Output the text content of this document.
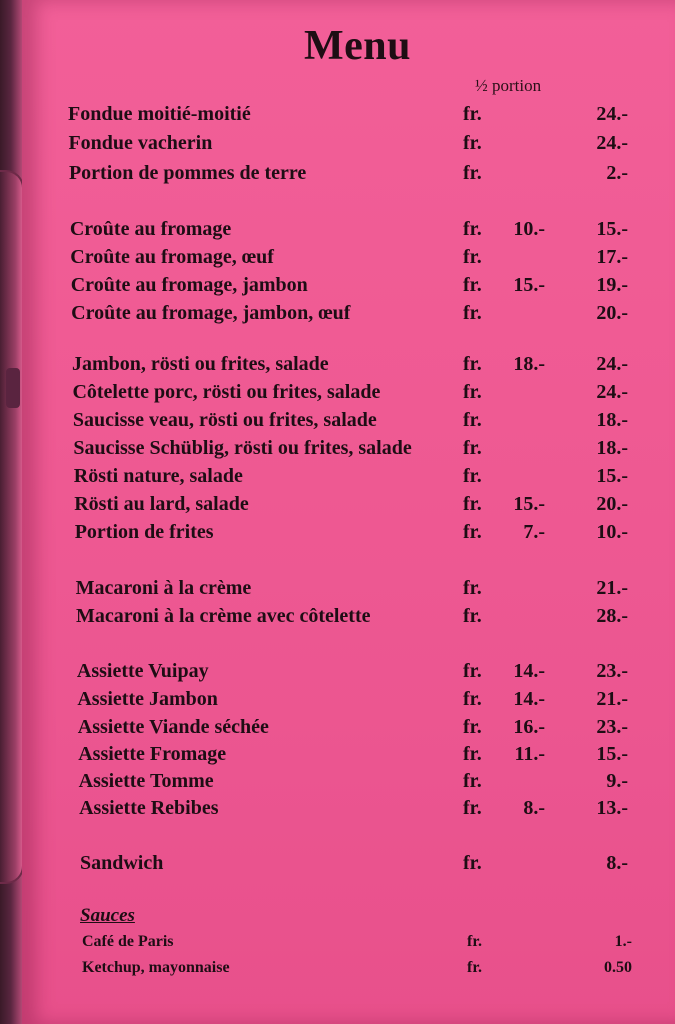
Menu
½ portion
Fondue moitié-moitié	fr.	24.-
Fondue vacherin	fr.	24.-
Portion de pommes de terre	fr.	2.-
Croûte au fromage	fr. 10.-	15.-
Croûte au fromage, œuf	fr.	17.-
Croûte au fromage, jambon	fr. 15.-	19.-
Croûte au fromage, jambon, œuf	fr.	20.-
Jambon, rösti ou frites, salade	fr. 18.-	24.-
Côtelette porc, rösti ou frites, salade	fr.	24.-
Saucisse veau, rösti ou frites, salade	fr.	18.-
Saucisse Schüblig, rösti ou frites, salade	fr.	18.-
Rösti nature, salade	fr.	15.-
Rösti au lard, salade	fr. 15.-	20.-
Portion de frites	fr. 7.-	10.-
Macaroni à la crème	fr.	21.-
Macaroni à la crème avec côtelette	fr.	28.-
Assiette Vuipay	fr. 14.-	23.-
Assiette Jambon	fr. 14.-	21.-
Assiette Viande séchée	fr. 16.-	23.-
Assiette Fromage	fr. 11.-	15.-
Assiette Tomme	fr.	9.-
Assiette Rebibes	fr. 8.-	13.-
Sandwich	fr.	8.-
Sauces
Café de Paris	fr.	1.-
Ketchup, mayonnaise	fr.	0.50
